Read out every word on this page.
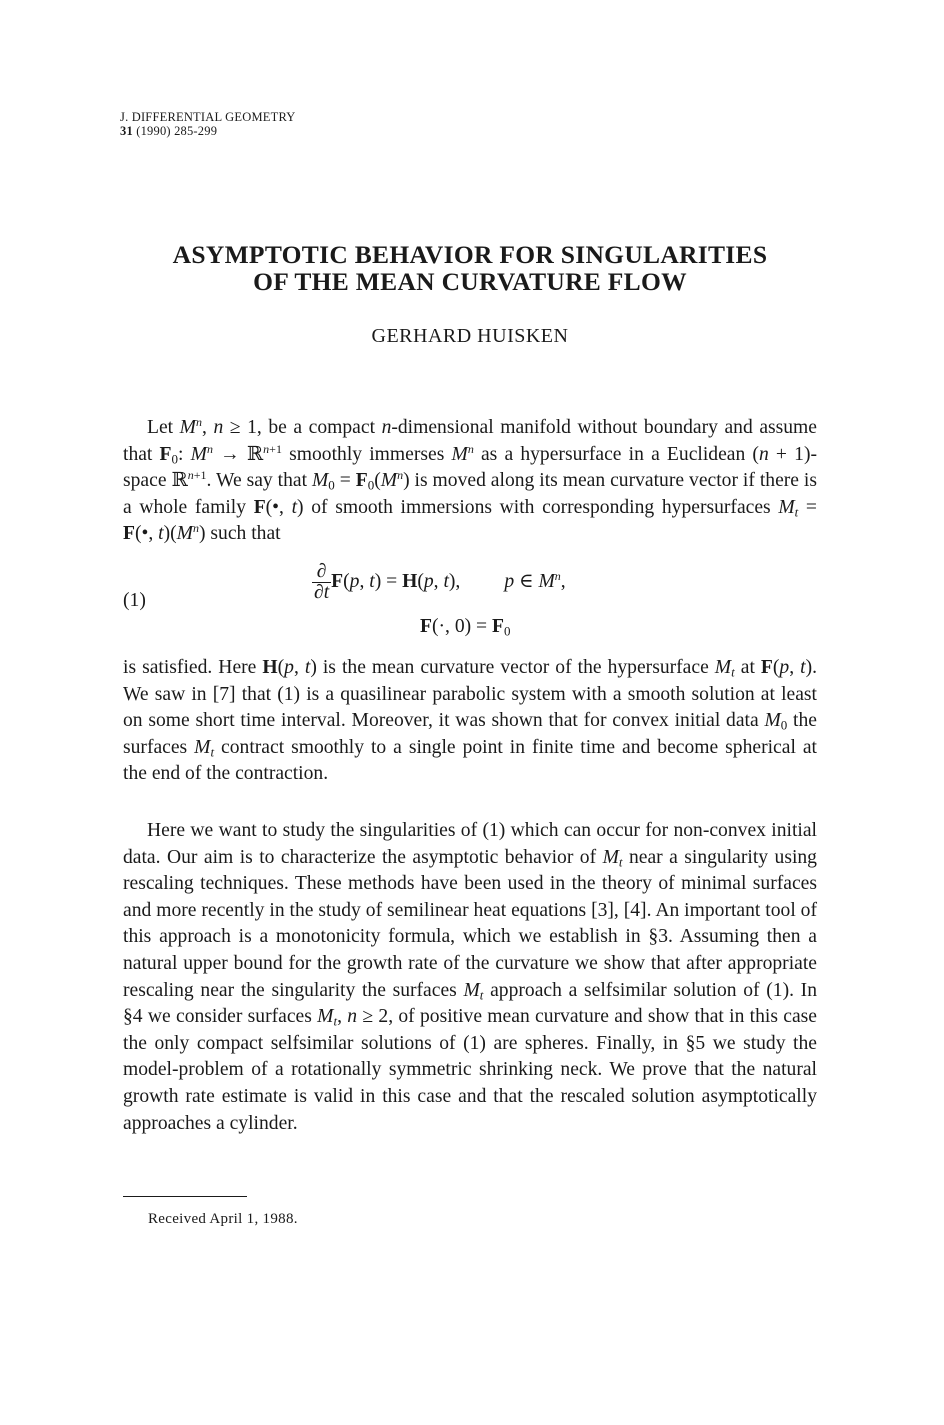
J. DIFFERENTIAL GEOMETRY
31 (1990) 285-299
ASYMPTOTIC BEHAVIOR FOR SINGULARITIES
OF THE MEAN CURVATURE FLOW
GERHARD HUISKEN

Let $M^n$, n ≥ 1, be a compact n-dimensional manifold without boundary and assume that $F_0$: $M^n$ → ℝ$^{n+1}$ smoothly immerses $M^n$ as a hypersurface in a Euclidean (n + 1)-space ℝ$^{n+1}$. We say that $M_0 = F_0(M^n)$ is moved along its mean curvature vector if there is a whole family F(•, t) of smooth immersions with corresponding hypersurfaces $M_t$ = F(•, $t)(M^n)$ such that

(1)	$\frac{\partial}{\partial t} F(p$, t) = H(p, t), p ∈ $M^n$,
F(·, $0) = F_0$

is satisfied. Here H(p, t) is the mean curvature vector of the hypersurface $M_t$ at F(p, t). We saw in [7] that (1) is a quasilinear parabolic system with a smooth solution at least on some short time interval. Moreover, it was shown that for convex initial data $M_0$ the surfaces $M_t$ contract smoothly to a single point in finite time and become spherical at the end of the contraction.

Here we want to study the singularities of (1) which can occur for non-convex initial data. Our aim is to characterize the asymptotic behavior of $M_t$ near a singularity using rescaling techniques. These methods have been used in the theory of minimal surfaces and more recently in the study of semilinear heat equations [3], [4]. An important tool of this approach is a monotonicity formula, which we establish in §3. Assuming then a natural upper bound for the growth rate of the curvature we show that after appropriate rescaling near the singularity the surfaces $M_t$ approach a selfsimilar solution of (1). In §4 we consider surfaces $M_t$, n ≥ 2, of positive mean curvature and show that in this case the only compact selfsimilar solutions of (1) are spheres. Finally, in §5 we study the model-problem of a rotationally symmetric shrinking neck. We prove that the natural growth rate estimate is valid in this case and that the rescaled solution asymptotically approaches a cylinder.

Received April 1, 1988.
